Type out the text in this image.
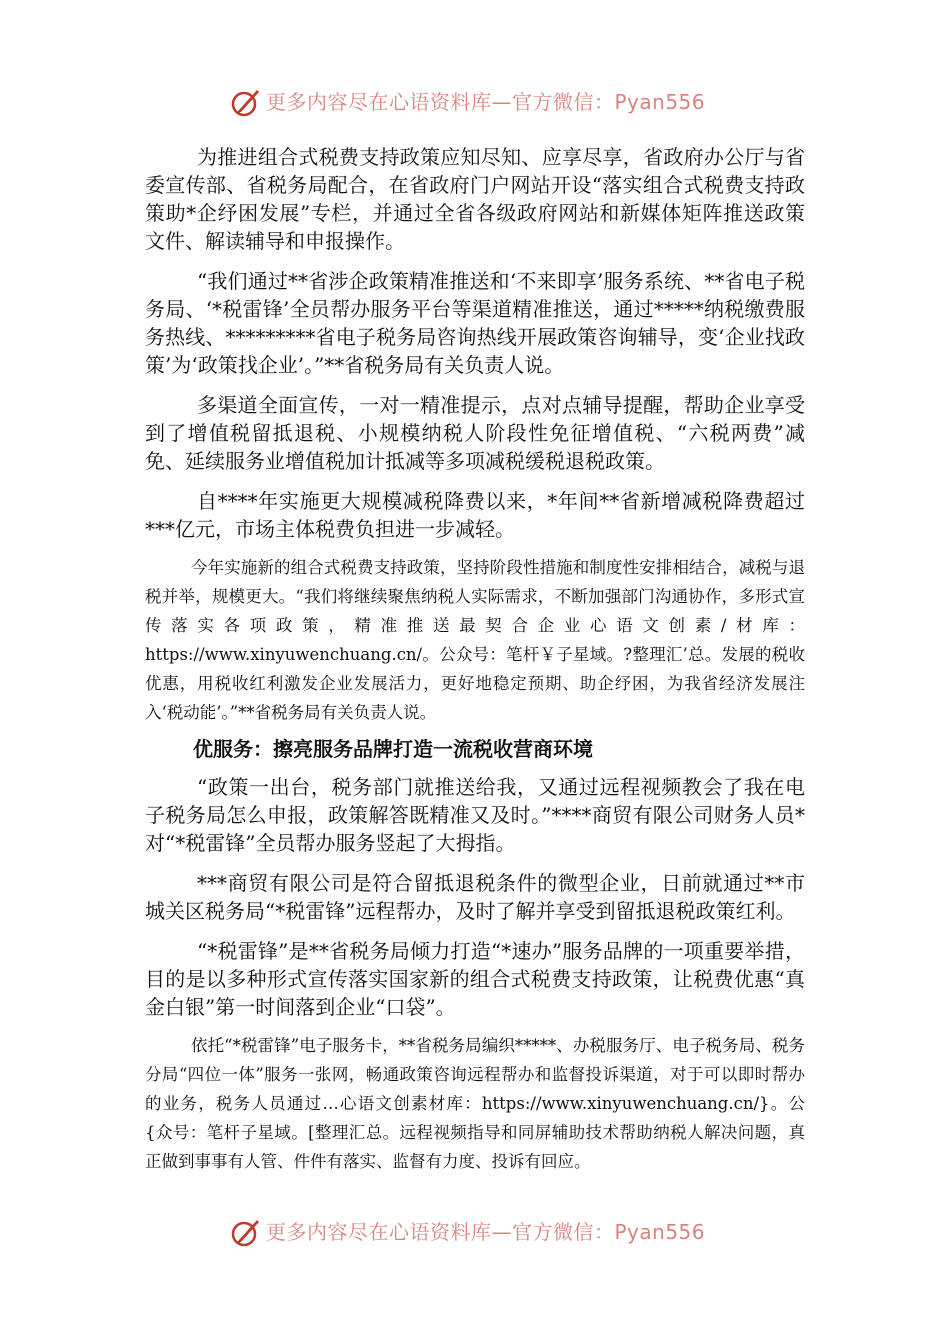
更多内容尽在心语资料库—官方微信：Pyan556

为推进组合式税费支持政策应知尽知、应享尽享，省政府办公厅与省委宣传部、省税务局配合，在省政府门户网站开设“落实组合式税费支持政策助*企纾困发展”专栏，并通过全省各级政府网站和新媒体矩阵推送政策文件、解读辅导和申报操作。

“我们通过**省涉企政策精准推送和‘不来即享’服务系统、**省电子税务局、‘*税雷锋’全员帮办服务平台等渠道精准推送，通过*****纳税缴费服务热线、*********省电子税务局咨询热线开展政策咨询辅导，变‘企业找政策’为‘政策找企业’。”**省税务局有关负责人说。

多渠道全面宣传，一对一精准提示，点对点辅导提醒，帮助企业享受到了增值税留抵退税、小规模纳税人阶段性免征增值税、“六税两费”减免、延续服务业增值税加计抵减等多项减税缓税退税政策。

自****年实施更大规模减税降费以来，*年间**省新增减税降费超过***亿元，市场主体税费负担进一步减轻。

今年实施新的组合式税费支持政策，坚持阶段性措施和制度性安排相结合，减税与退税并举，规模更大。“我们将继续聚焦纳税人实际需求，不断加强部门沟通协作，多形式宣传落实各项政策，精准推送最契合企业心语文创素/材库：https://www.xinyuwenchuang.cn/。公众号：笔杆￥子星域。?整理汇’总。发展的税收优惠，用税收红利激发企业发展活力，更好地稳定预期、助企纾困，为我省经济发展注入‘税动能’。”**省税务局有关负责人说。

优服务：擦亮服务品牌打造一流税收营商环境

“政策一出台，税务部门就推送给我，又通过远程视频教会了我在电子税务局怎么申报，政策解答既精准又及时。”****商贸有限公司财务人员*对“*税雷锋”全员帮办服务竖起了大拇指。

***商贸有限公司是符合留抵退税条件的微型企业，日前就通过**市城关区税务局“*税雷锋”远程帮办，及时了解并享受到留抵退税政策红利。

“*税雷锋”是**省税务局倾力打造“*速办”服务品牌的一项重要举措，目的是以多种形式宣传落实国家新的组合式税费支持政策，让税费优惠“真金白银”第一时间落到企业“口袋”。

依托“*税雷锋”电子服务卡，**省税务局编织*****、办税服务厅、电子税务局、税务分局“四位一体”服务一张网，畅通政策咨询远程帮办和监督投诉渠道，对于可以即时帮办的业务，税务人员通过…心语文创素材库：https://www.xinyuwenchuang.cn/}。公{众号：笔杆子星域。[整理汇总。远程视频指导和同屏辅助技术帮助纳税人解决问题，真正做到事事有人管、件件有落实、监督有力度、投诉有回应。

更多内容尽在心语资料库—官方微信：Pyan556
